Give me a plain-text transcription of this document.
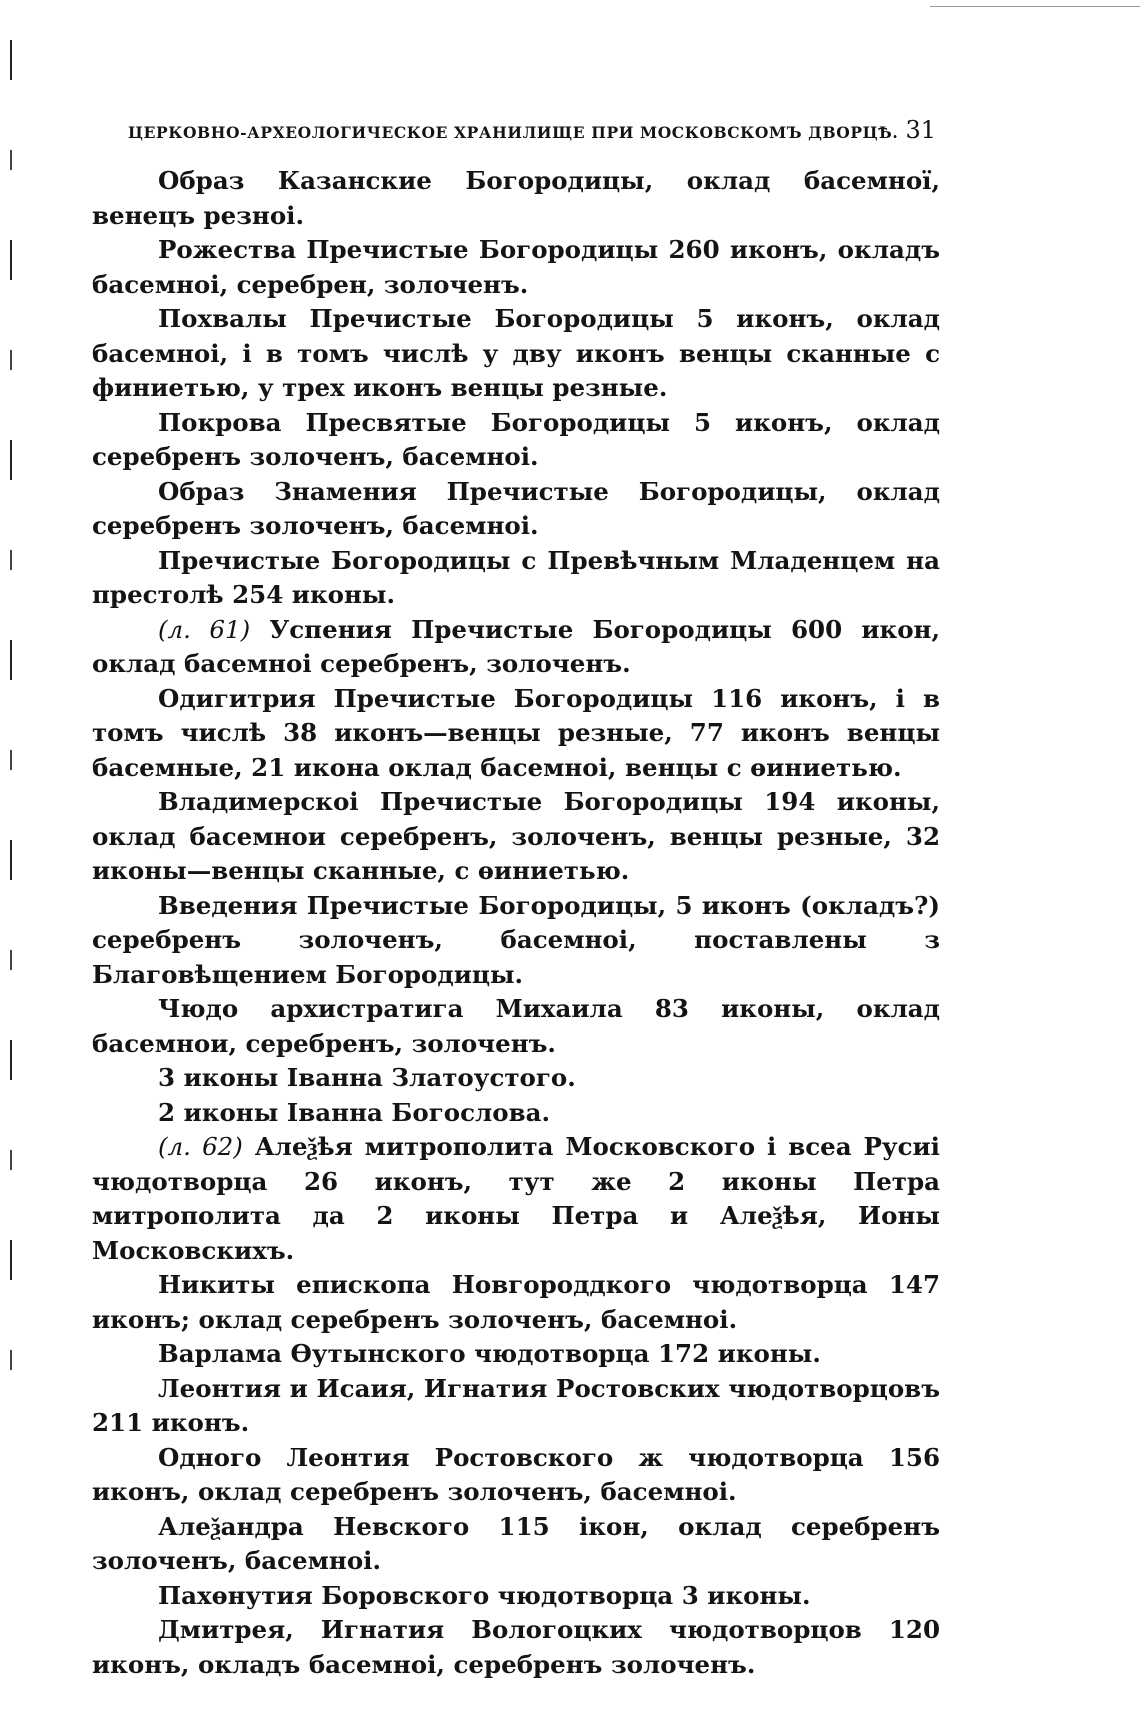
ЦЕРКОВНО-АРХЕОЛОГИЧЕСКОЕ ХРАНИЛИЩЕ ПРИ МОСКОВСКОМЪ ДВОРЦѢ. 31

Образ Казанские Богородицы, оклад басемної, венецъ резноі.

Рожества Пречистые Богородицы 260 иконъ, окладъ басемноі, серебрен, золоченъ.

Похвалы Пречистые Богородицы 5 иконъ, оклад басемноі, і в томъ числѣ у дву иконъ венцы сканные с финиетью, у трех иконъ венцы резные.

Покрова Пресвятые Богородицы 5 иконъ, оклад серебренъ золоченъ, басемноі.

Образ Знамения Пречистые Богородицы, оклад серебренъ золоченъ, басемноі.

Пречистые Богородицы с Превѣчным Младенцем на престолѣ 254 иконы.

(л. 61) Успения Пречистые Богородицы 600 икон, оклад басемноі серебренъ, золоченъ.

Одигитрия Пречистые Богородицы 116 иконъ, і в томъ числѣ 38 иконъ—венцы резные, 77 иконъ венцы басемные, 21 икона оклад басемноі, венцы с ѳиниетью.

Владимерскоі Пречистые Богородицы 194 иконы, оклад басемнои серебренъ, золоченъ, венцы резные, 32 иконы—венцы сканные, с ѳиниетью.

Введения Пречистые Богородицы, 5 иконъ (окладъ?) серебренъ золоченъ, басемноі, поставлены з Благовѣщением Богородицы.

Чюдо архистратига Михаила 83 иконы, оклад басемнои, серебренъ, золоченъ.

3 иконы Іванна Златоустого.

2 иконы Іванна Богослова.

(л. 62) Алеѯѣя митрополита Московского і всеа Русиі чюдотворца 26 иконъ, тут же 2 иконы Петра митрополита да 2 иконы Петра и Алеѯѣя, Ионы Московскихъ.

Никиты епископа Новгороддкого чюдотворца 147 иконъ; оклад серебренъ золоченъ, басемноі.

Варлама Ѳутынского чюдотворца 172 иконы.

Леонтия и Исаия, Игнатия Ростовских чюдотворцовъ 211 иконъ.

Одного Леонтия Ростовского ж чюдотворца 156 иконъ, оклад серебренъ золоченъ, басемноі.

Алеѯандра Невского 115 ікон, оклад серебренъ золоченъ, басемноі.

Пахѳнутия Боровского чюдотворца 3 иконы.

Дмитрея, Игнатия Вологоцких чюдотворцов 120 иконъ, окладъ басемноі, серебренъ золоченъ.
